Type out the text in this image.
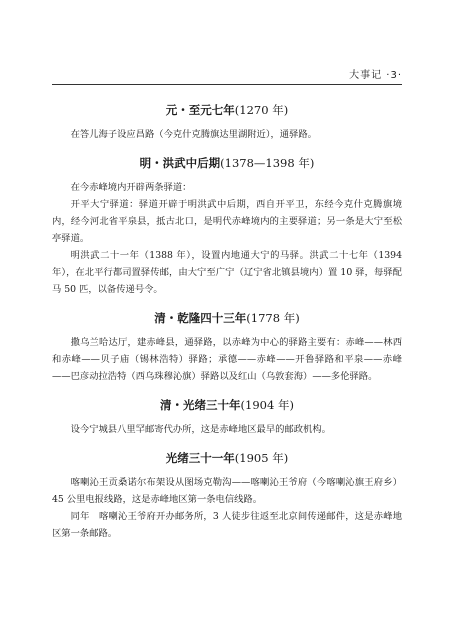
大事记 ·3·

元・至元七年(1270 年)

在答儿海子设应昌路（今克什克腾旗达里湖附近），通驿路。

明・洪武中后期(1378—1398 年)

在今赤峰境内开辟两条驿道：

开平大宁驿道：驿道开辟于明洪武中后期，西自开平卫，东经今克什克腾旗境内，经今河北省平泉县，抵古北口，是明代赤峰境内的主要驿道；另一条是大宁至松亭驿道。

明洪武二十一年（1388 年），设置内地通大宁的马驿。洪武二十七年（1394 年），在北平行都司置驿传邮，由大宁至广宁（辽宁省北镇县境内）置 10 驿，每驿配马 50 匹，以备传递号令。

清・乾隆四十三年(1778 年)

撒乌兰哈达厅，建赤峰县，通驿路，以赤峰为中心的驿路主要有：赤峰——林西和赤峰——贝子庙（锡林浩特）驿路；承德——赤峰——开鲁驿路和平泉——赤峰——巴彦动拉浩特（西乌珠穆沁旗）驿路以及红山（乌敦套海）——多伦驿路。

清・光绪三十年(1904 年)

设今宁城县八里罕邮寄代办所，这是赤峰地区最早的邮政机构。

光绪三十一年(1905 年)

喀喇沁王贡桑诺尔布架设从图场克勒沟——喀喇沁王爷府（今喀喇沁旗王府乡）45 公里电报线路，这是赤峰地区第一条电信线路。

同年　喀喇沁王爷府开办邮务所，3 人徒步往返至北京间传递邮件，这是赤峰地区第一条邮路。
